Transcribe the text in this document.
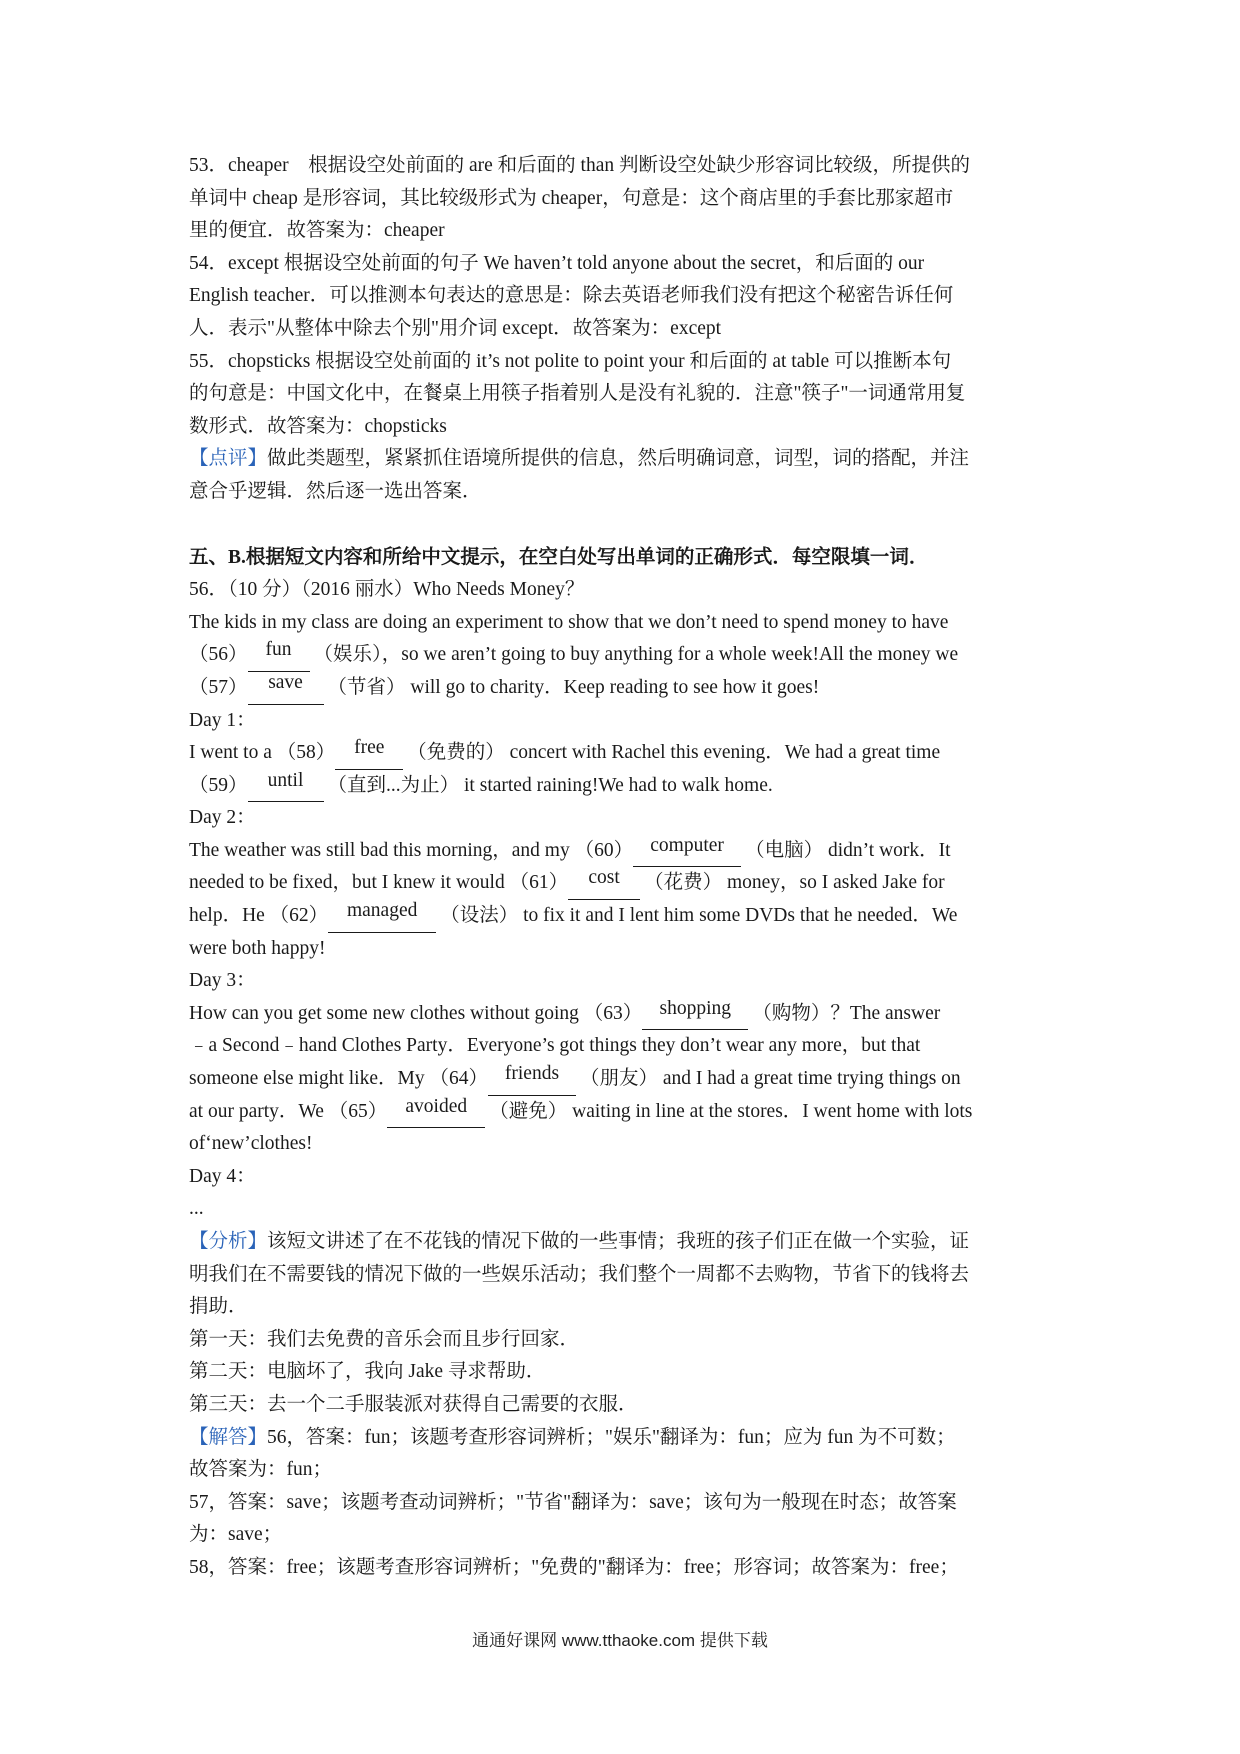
53．cheaper　根据设空处前面的 are 和后面的 than 判断设空处缺少形容词比较级，所提供的
单词中 cheap 是形容词，其比较级形式为 cheaper，句意是：这个商店里的手套比那家超市
里的便宜．故答案为：cheaper
54．except 根据设空处前面的句子 We haven’t told anyone about the secret，和后面的 our
English teacher．可以推测本句表达的意思是：除去英语老师我们没有把这个秘密告诉任何
人．表示"从整体中除去个别"用介词 except．故答案为：except
55．chopsticks 根据设空处前面的 it’s not polite to point your 和后面的 at table 可以推断本句
的句意是：中国文化中，在餐桌上用筷子指着别人是没有礼貌的．注意"筷子"一词通常用复
数形式．故答案为：chopsticks
【点评】 做此类题型，紧紧抓住语境所提供的信息，然后明确词意，词型，词的搭配，并注
意合乎逻辑．然后逐一选出答案．
五、B.根据短文内容和所给中文提示，在空白处写出单词的正确形式．每空限填一词．
56．（10 分）（2016 丽水）Who Needs Money？
The kids in my class are doing an experiment to show that we don’t need to spend money to have
（56） fun	（娱乐），so we aren’t going to buy anything for a whole week!All the money we
（57）	save	（节省） will go to charity．Keep reading to see how it goes!
Day 1：
I went to a （58） free	（免费的） concert with Rachel this evening．We had a great time
（59）	until	（直到...为止） it started raining!We had to walk home.
Day 2：
The weather was still bad this morning，and my （60） computer	（电脑） didn’t work．It
needed to be fixed，but I knew it would （61）	cost	（花费） money，so I asked Jake for
help．He （62） managed	（设法） to fix it and I lent him some DVDs that he needed．We
were both happy!
Day 3：
How can you get some new clothes without going （63） shopping	（购物）？The answer
﹣a Second﹣hand Clothes Party．Everyone’s got things they don’t wear any more，but that
someone else might like．My （64） friends	（朋友） and I had a great time trying things on
at our party．We （65） avoided	（避免） waiting in line at the stores．I went home with lots
of‘new’clothes!
Day 4：
...
【分析】 该短文讲述了在不花钱的情况下做的一些事情；我班的孩子们正在做一个实验，证
明我们在不需要钱的情况下做的一些娱乐活动；我们整个一周都不去购物，节省下的钱将去
捐助．
第一天：我们去免费的音乐会而且步行回家．
第二天：电脑坏了，我向 Jake 寻求帮助．
第三天：去一个二手服装派对获得自己需要的衣服．
【解答】 56，答案：fun；该题考查形容词辨析；"娱乐"翻译为：fun；应为 fun 为不可数；
故答案为：fun；
57，答案：save；该题考查动词辨析；"节省"翻译为：save；该句为一般现在时态；故答案
为：save；
58，答案：free；该题考查形容词辨析；"免费的"翻译为：free；形容词；故答案为：free；
通通好课网 www.tthaoke.com 提供下载
